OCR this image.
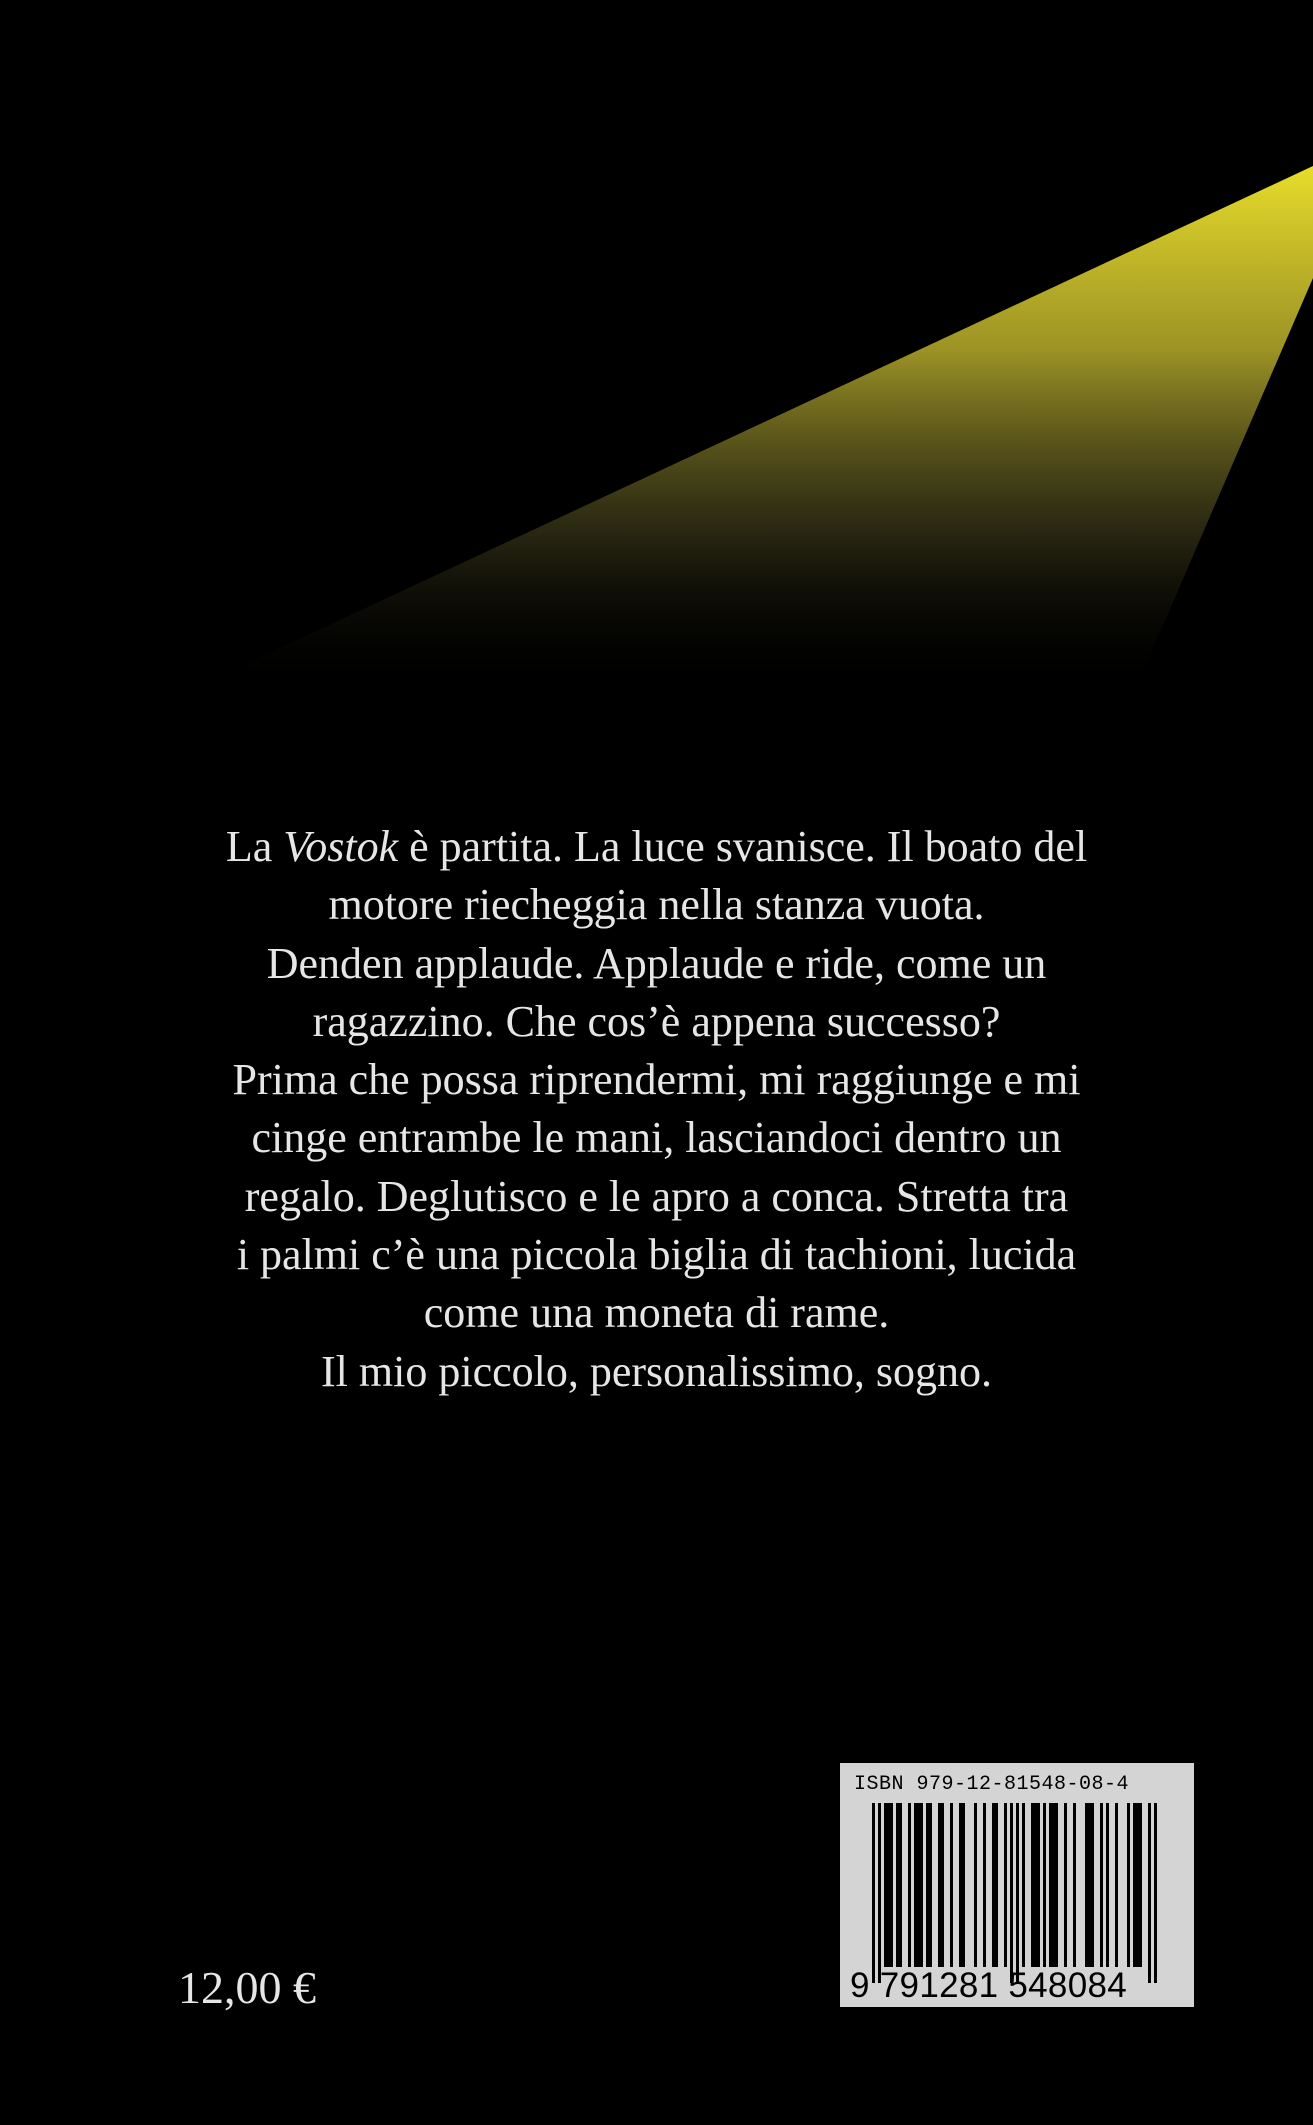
La Vostok è partita. La luce svanisce. Il boato del
motore riecheggia nella stanza vuota.
Denden applaude. Applaude e ride, come un
ragazzino. Che cos’è appena successo?
Prima che possa riprendermi, mi raggiunge e mi
cinge entrambe le mani, lasciandoci dentro un
regalo. Deglutisco e le apro a conca. Stretta tra
i palmi c’è una piccola biglia di tachioni, lucida
come una moneta di rame.
Il mio piccolo, personalissimo, sogno.
12,00 €
ISBN 979-12-81548-08-4
9 791281 548084
